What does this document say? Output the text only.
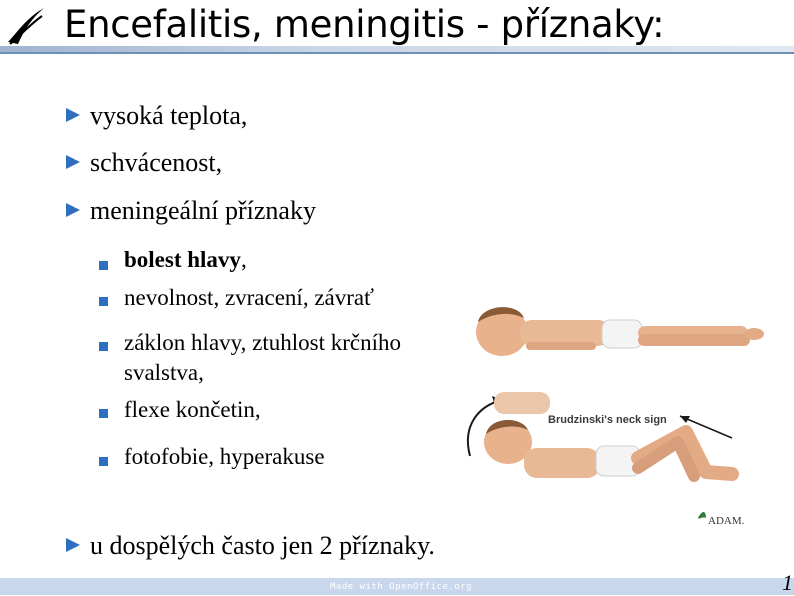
Encefalitis, meningitis - příznaky:
vysoká teplota,
schvácenost,
meningeální příznaky
bolest hlavy,
nevolnost, zvracení, závrať
záklon hlavy, ztuhlost krčního
svalstva,
flexe končetin,
fotofobie, hyperakuse
u dospělých často jen 2 příznaky.
Brudzinski's neck sign
ADAM.
Made with OpenOffice.org	1
